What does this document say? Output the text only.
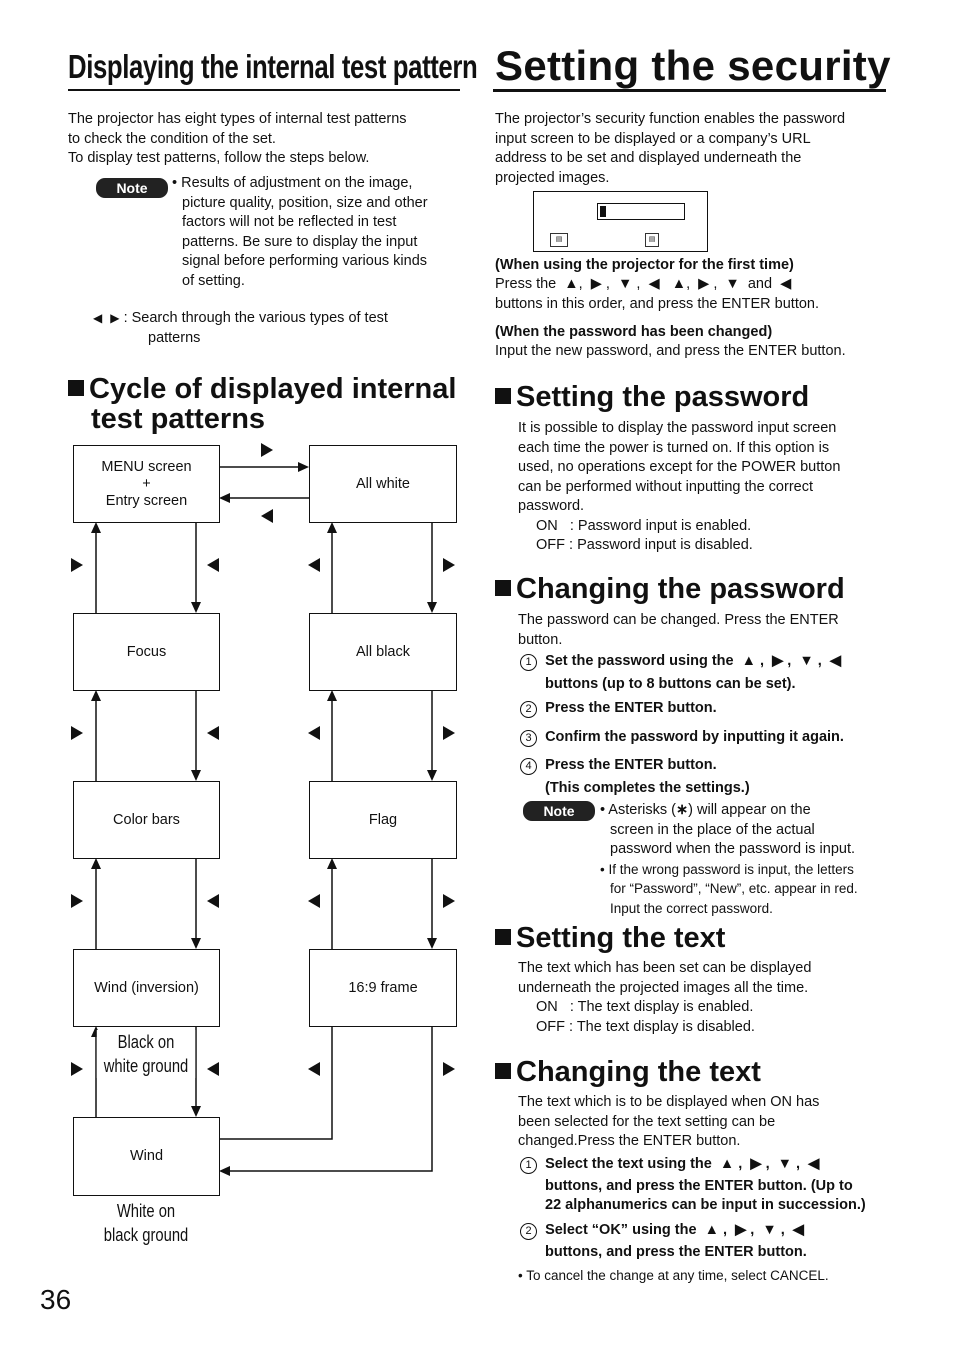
Displaying the internal test pattern Setting the security
The projector has eight types of internal test patterns
to check the condition of the set.
To display test patterns, follow the steps below.
Note	• Results of adjustment on the image,
picture quality, position, size and other
factors will not be reflected in test
patterns. Be sure to display the input
signal before performing various kinds
of setting.
◀ ▶ : Search through the various types of test
patterns
Cycle of displayed internal
test patterns
MENU screen
+
Entry screen
All white
Focus	All black
Color bars	Flag
Wind (inversion)	16:9 frame
Wind
Black on
white ground
White on
black ground
36
The projector’s security function enables the password
input screen to be displayed or a company’s URL
address to be set and displayed underneath the
projected images.
▤	▤
(When using the projector for the first time)
Press the  ▲,  ▶ ,  ▼ ,  ◀   ▲,  ▶ ,  ▼  and  ◀
buttons in this order, and press the ENTER button.
(When the password has been changed)
Input the new password, and press the ENTER button.
Setting the password
It is possible to display the password input screen
each time the power is turned on. If this option is
used, no operations except for the POWER button
can be performed without inputting the correct
password.
ON   : Password input is enabled.
OFF : Password input is disabled.
Changing the password
The password can be changed. Press the ENTER
button.
1 Set the password using the  ▲ ,  ▶ ,  ▼ ,  ◀
buttons (up to 8 buttons can be set).
2 Press the ENTER button.
3 Confirm the password by inputting it again.
4 Press the ENTER button.
(This completes the settings.)
Note	• Asterisks (∗) will appear on the
screen in the place of the actual
password when the password is input.
• If the wrong password is input, the letters
for “Password”, “New”, etc. appear in red.
Input the correct password.
Setting the text
The text which has been set can be displayed
underneath the projected images all the time.
ON   : The text display is enabled.
OFF : The text display is disabled.
Changing the text
The text which is to be displayed when ON has
been selected for the text setting can be
changed.Press the ENTER button.
1 Select the text using the  ▲ ,  ▶ ,  ▼ ,  ◀
buttons, and press the ENTER button. (Up to
22 alphanumerics can be input in succession.)
2 Select “OK” using the  ▲ ,  ▶ ,  ▼ ,  ◀
buttons, and press the ENTER button.
• To cancel the change at any time, select CANCEL.
